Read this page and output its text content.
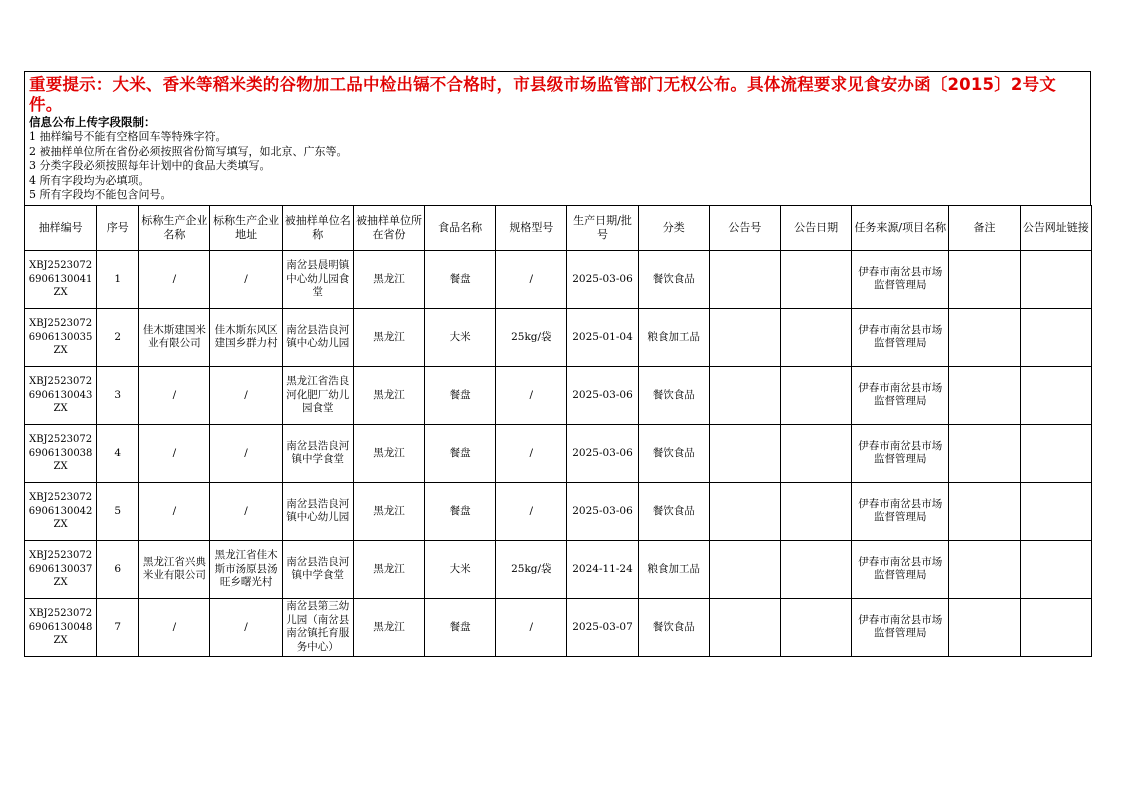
重要提示：大米、香米等稻米类的谷物加工品中检出镉不合格时，市县级市场监管部门无权公布。具体流程要求见食安办函〔2015〕2号文件。
信息公布上传字段限制：
1 抽样编号不能有空格回车等特殊字符。
2 被抽样单位所在省份必须按照省份简写填写，如北京、广东等。
3 分类字段必须按照每年计划中的食品大类填写。
4 所有字段均为必填项。
5 所有字段均不能包含问号。
抽样编号	序号	标称生产企业名称	标称生产企业地址	被抽样单位名称	被抽样单位所在省份	食品名称	规格型号	生产日期/批号	分类	公告号	公告日期	任务来源/项目名称	备注	公告网址链接
XBJ25230726906130041ZX	1	/	/	南岔县晨明镇中心幼儿园食堂	黑龙江	餐盘	/	2025-03-06	餐饮食品			伊春市南岔县市场监督管理局		
XBJ25230726906130035ZX	2	佳木斯建国米业有限公司	佳木斯东风区建国乡群力村	南岔县浩良河镇中心幼儿园	黑龙江	大米	25kg/袋	2025-01-04	粮食加工品			伊春市南岔县市场监督管理局		
XBJ25230726906130043ZX	3	/	/	黑龙江省浩良河化肥厂幼儿园食堂	黑龙江	餐盘	/	2025-03-06	餐饮食品			伊春市南岔县市场监督管理局		
XBJ25230726906130038ZX	4	/	/	南岔县浩良河镇中学食堂	黑龙江	餐盘	/	2025-03-06	餐饮食品			伊春市南岔县市场监督管理局		
XBJ25230726906130042ZX	5	/	/	南岔县浩良河镇中心幼儿园	黑龙江	餐盘	/	2025-03-06	餐饮食品			伊春市南岔县市场监督管理局		
XBJ25230726906130037ZX	6	黑龙江省兴典米业有限公司	黑龙江省佳木斯市汤原县汤旺乡曙光村	南岔县浩良河镇中学食堂	黑龙江	大米	25kg/袋	2024-11-24	粮食加工品			伊春市南岔县市场监督管理局		
XBJ25230726906130048ZX	7	/	/	南岔县第三幼儿园（南岔县南岔镇托育服务中心）	黑龙江	餐盘	/	2025-03-07	餐饮食品			伊春市南岔县市场监督管理局		
